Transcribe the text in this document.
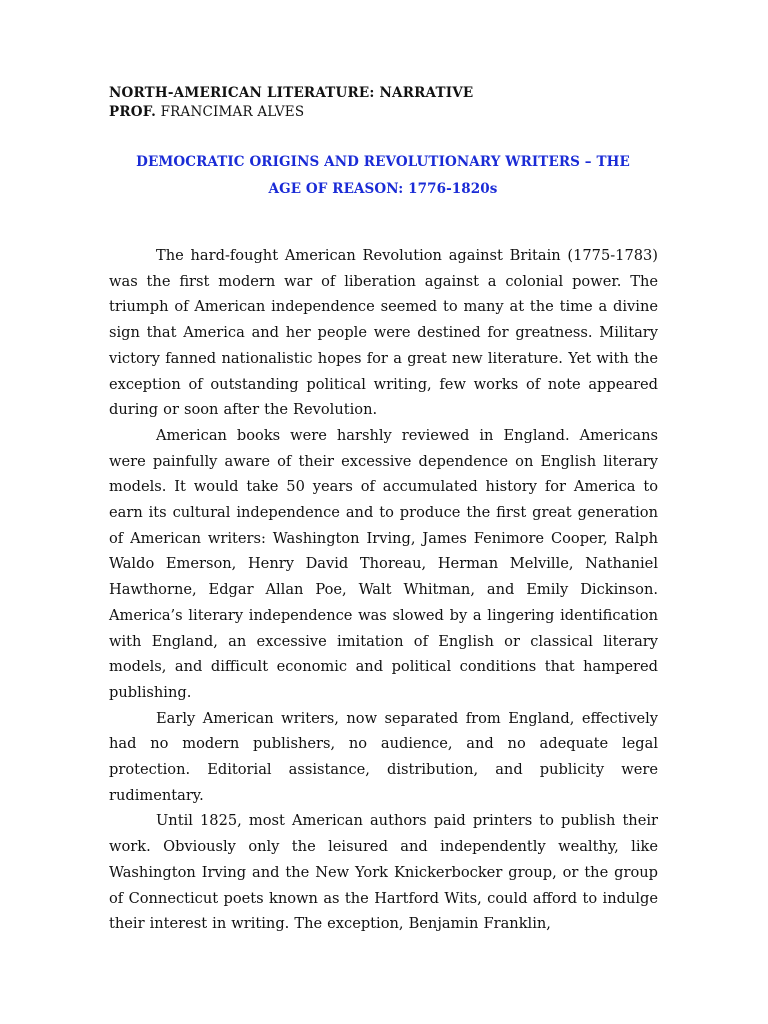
NORTH-AMERICAN LITERATURE: NARRATIVE
PROF. FRANCIMAR ALVES
DEMOCRATIC ORIGINS AND REVOLUTIONARY WRITERS – THE
AGE OF REASON: 1776-1820s

The hard-fought American Revolution against Britain (1775-1783) was the first modern war of liberation against a colonial power. The triumph of American independence seemed to many at the time a divine sign that America and her people were destined for greatness. Military victory fanned nationalistic hopes for a great new literature. Yet with the exception of outstanding political writing, few works of note appeared during or soon after the Revolution.

American books were harshly reviewed in England. Americans were painfully aware of their excessive dependence on English literary models. It would take 50 years of accumulated history for America to earn its cultural independence and to produce the first great generation of American writers: Washington Irving, James Fenimore Cooper, Ralph Waldo Emerson, Henry David Thoreau, Herman Melville, Nathaniel Hawthorne, Edgar Allan Poe, Walt Whitman, and Emily Dickinson. America’s literary independence was slowed by a lingering identification with England, an excessive imitation of English or classical literary models, and difficult economic and political conditions that hampered publishing.

Early American writers, now separated from England, effectively had no modern publishers, no audience, and no adequate legal protection. Editorial assistance, distribution, and publicity were rudimentary.

Until 1825, most American authors paid printers to publish their work. Obviously only the leisured and independently wealthy, like Washington Irving and the New York Knickerbocker group, or the group of Connecticut poets known as the Hartford Wits, could afford to indulge their interest in writing. The exception, Benjamin Franklin,
